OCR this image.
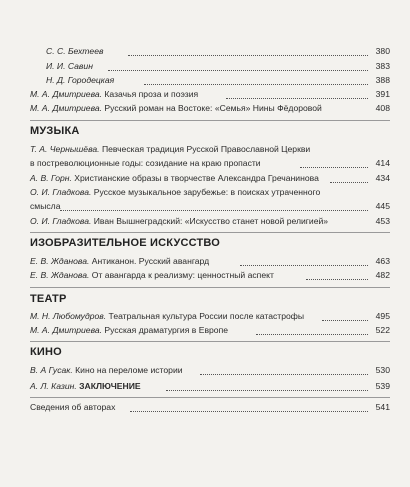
С. С. Бехтеев	380
И. И. Савин	383
Н. Д. Городецкая	388
М. А. Дмитриева. Казачья проза и поэзия	391
М. А. Дмитриева. Русский роман на Востоке: «Семья» Нины Фёдоровой	408
МУЗЫКА
Т. А. Чернышёва. Певческая традиция Русской Православной Церкви
в постреволюционные годы: созидание на краю пропасти	414
А. В. Горн. Христианские образы в творчестве Александра Гречанинова	434
О. И. Гладкова. Русское музыкальное зарубежье: в поисках утраченного
смысла	445
О. И. Гладкова. Иван Вышнеградский: «Искусство станет новой религией»	453
ИЗОБРАЗИТЕЛЬНОЕ ИСКУССТВО
Е. В. Жданова. Антиканон. Русский авангард	463
Е. В. Жданова. От авангарда к реализму: ценностный аспект	482
ТЕАТР
М. Н. Любомудров. Театральная культура России после катастрофы	495
М. А. Дмитриева. Русская драматургия в Европе	522
КИНО
В. А Гусак. Кино на переломе истории	530
А. Л. Казин. ЗАКЛЮЧЕНИЕ	539
Сведения об авторах	541
